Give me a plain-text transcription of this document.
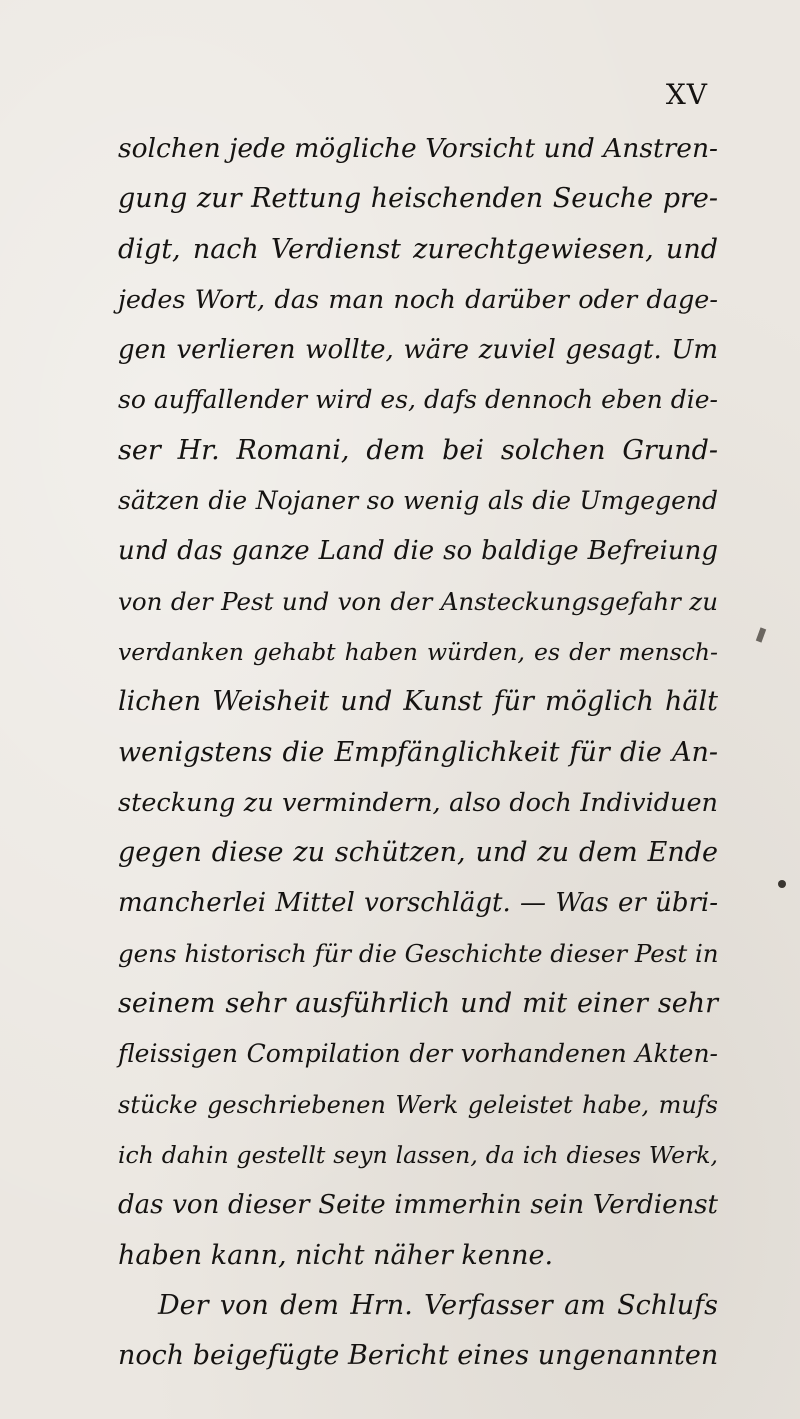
XV
solchen jede mögliche Vorsicht und Anstren-
gung zur Rettung heischenden Seuche pre-
digt, nach Verdienst zurechtgewiesen, und
jedes Wort, das man noch darüber oder dage-
gen verlieren wollte, wäre zuviel gesagt. Um
so auffallender wird es, dafs dennoch eben die-
ser Hr. Romani, dem bei solchen Grund-
sätzen die Nojaner so wenig als die Umgegend
und das ganze Land die so baldige Befreiung
von der Pest und von der Ansteckungsgefahr zu
verdanken gehabt haben würden, es der mensch-
lichen Weisheit und Kunst für möglich hält
wenigstens die Empfänglichkeit für die An-
steckung zu vermindern, also doch Individuen
gegen diese zu schützen, und zu dem Ende
mancherlei Mittel vorschlägt. — Was er übri-
gens historisch für die Geschichte dieser Pest in
seinem sehr ausführlich und mit einer sehr
fleissigen Compilation der vorhandenen Akten-
stücke geschriebenen Werk geleistet habe, mufs
ich dahin gestellt seyn lassen, da ich dieses Werk,
das von dieser Seite immerhin sein Verdienst
haben kann, nicht näher kenne.
Der von dem Hrn. Verfasser am Schlufs
noch beigefügte Bericht eines ungenannten
